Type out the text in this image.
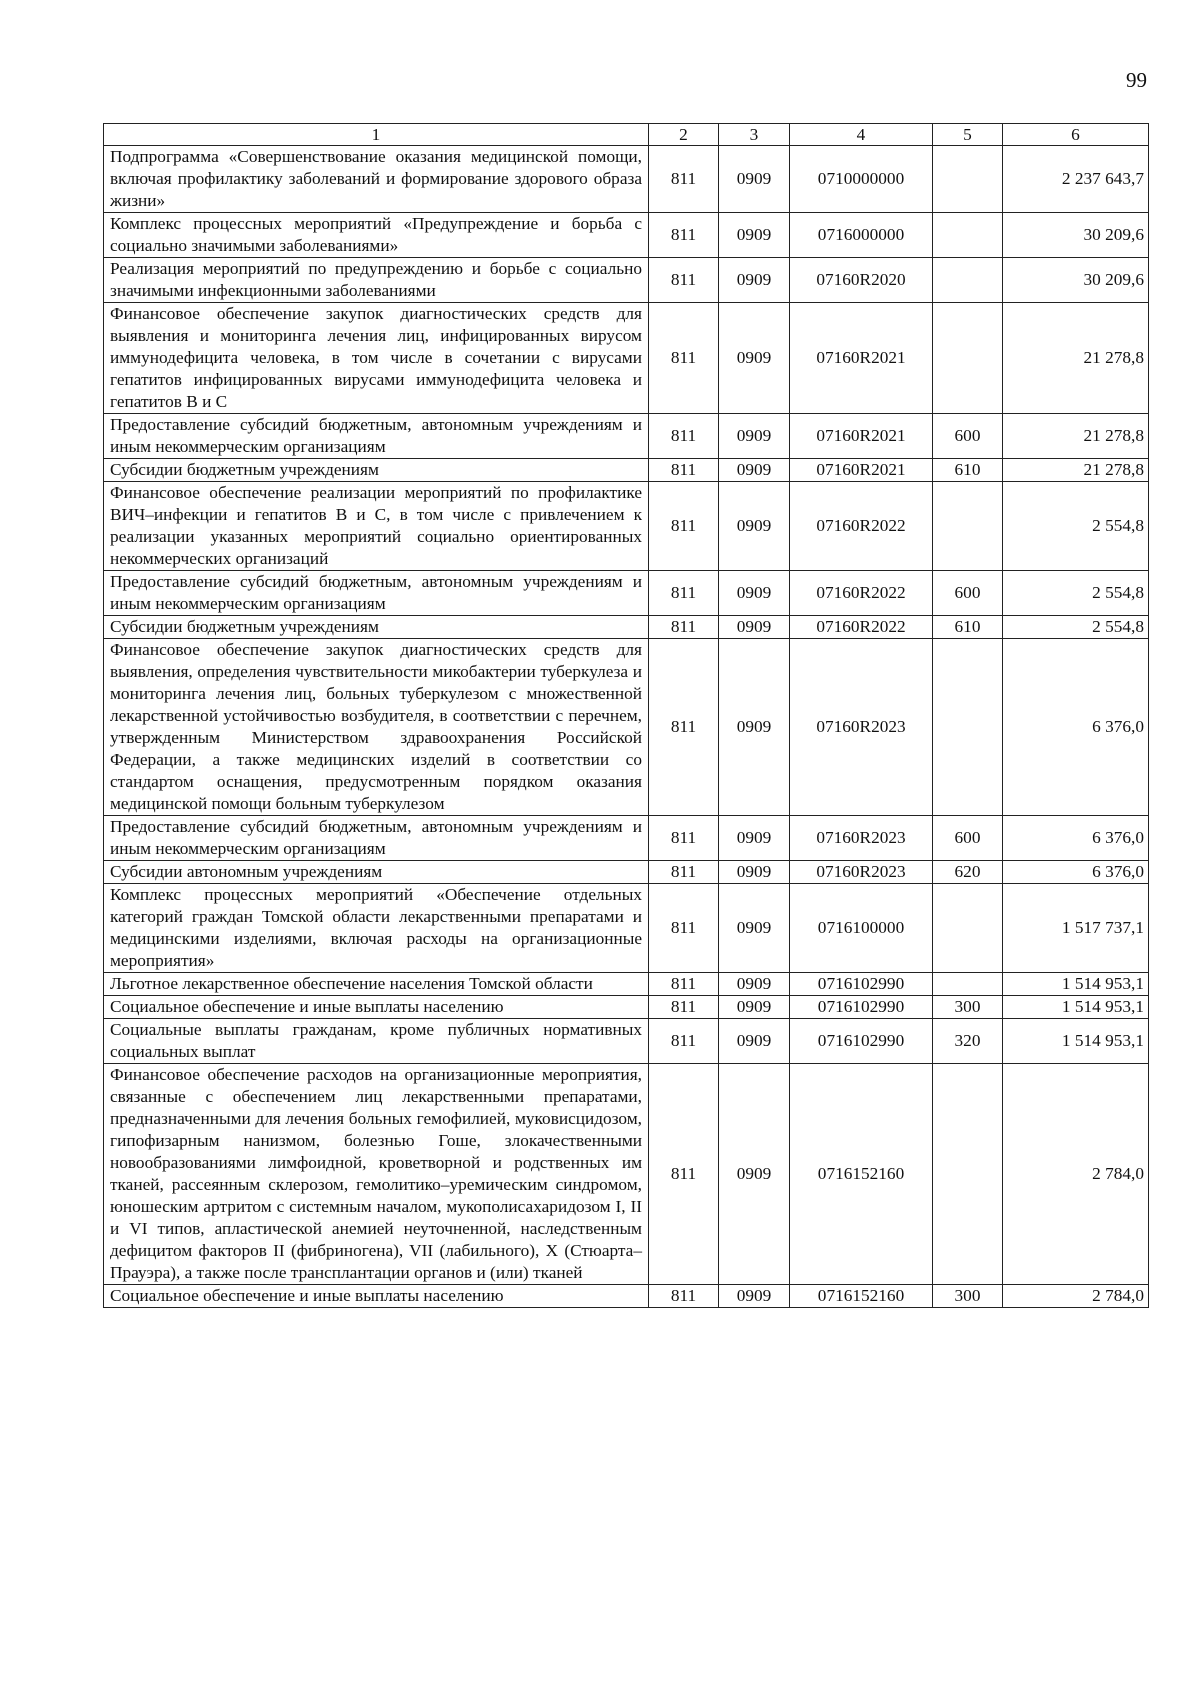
99
1	2	3	4	5	6
Подпрограмма «Совершенствование оказания медицинской помощи, включая профилактику заболеваний и формирование здорового образа жизни»	811	0909	0710000000		2 237 643,7
Комплекс процессных мероприятий «Предупреждение и борьба с социально значимыми заболеваниями»	811	0909	0716000000		30 209,6
Реализация мероприятий по предупреждению и борьбе с социально значимыми инфекционными заболеваниями	811	0909	07160R2020		30 209,6
Финансовое обеспечение закупок диагностических средств для выявления и мониторинга лечения лиц, инфицированных вирусом иммунодефицита человека, в том числе в сочетании с вирусами гепатитов инфицированных вирусами иммунодефицита человека и гепатитов B и C	811	0909	07160R2021		21 278,8
Предоставление субсидий бюджетным, автономным учреждениям и иным некоммерческим организациям	811	0909	07160R2021	600	21 278,8
Субсидии бюджетным учреждениям	811	0909	07160R2021	610	21 278,8
Финансовое обеспечение реализации мероприятий по профилактике ВИЧ–инфекции и гепатитов B и C, в том числе с привлечением к реализации указанных мероприятий социально ориентированных некоммерческих организаций	811	0909	07160R2022		2 554,8
Предоставление субсидий бюджетным, автономным учреждениям и иным некоммерческим организациям	811	0909	07160R2022	600	2 554,8
Субсидии бюджетным учреждениям	811	0909	07160R2022	610	2 554,8
Финансовое обеспечение закупок диагностических средств для выявления, определения чувствительности микобактерии туберкулеза и мониторинга лечения лиц, больных туберкулезом с множественной лекарственной устойчивостью возбудителя, в соответствии с перечнем, утвержденным Министерством здравоохранения Российской Федерации, а также медицинских изделий в соответствии со стандартом оснащения, предусмотренным порядком оказания медицинской помощи больным туберкулезом	811	0909	07160R2023		6 376,0
Предоставление субсидий бюджетным, автономным учреждениям и иным некоммерческим организациям	811	0909	07160R2023	600	6 376,0
Субсидии автономным учреждениям	811	0909	07160R2023	620	6 376,0
Комплекс процессных мероприятий «Обеспечение отдельных категорий граждан Томской области лекарственными препаратами и медицинскими изделиями, включая расходы на организационные мероприятия»	811	0909	0716100000		1 517 737,1
Льготное лекарственное обеспечение населения Томской области	811	0909	0716102990		1 514 953,1
Социальное обеспечение и иные выплаты населению	811	0909	0716102990	300	1 514 953,1
Социальные выплаты гражданам, кроме публичных нормативных социальных выплат	811	0909	0716102990	320	1 514 953,1
Финансовое обеспечение расходов на организационные мероприятия, связанные с обеспечением лиц лекарственными препаратами, предназначенными для лечения больных гемофилией, муковисцидозом, гипофизарным нанизмом, болезнью Гоше, злокачественными новообразованиями лимфоидной, кроветворной и родственных им тканей, рассеянным склерозом, гемолитико–уремическим синдромом, юношеским артритом с системным началом, мукополисахаридозом I, II и VI типов, апластической анемией неуточненной, наследственным дефицитом факторов II (фибриногена), VII (лабильного), X (Стюарта–Прауэра), а также после трансплантации органов и (или) тканей	811	0909	0716152160		2 784,0
Социальное обеспечение и иные выплаты населению	811	0909	0716152160	300	2 784,0
